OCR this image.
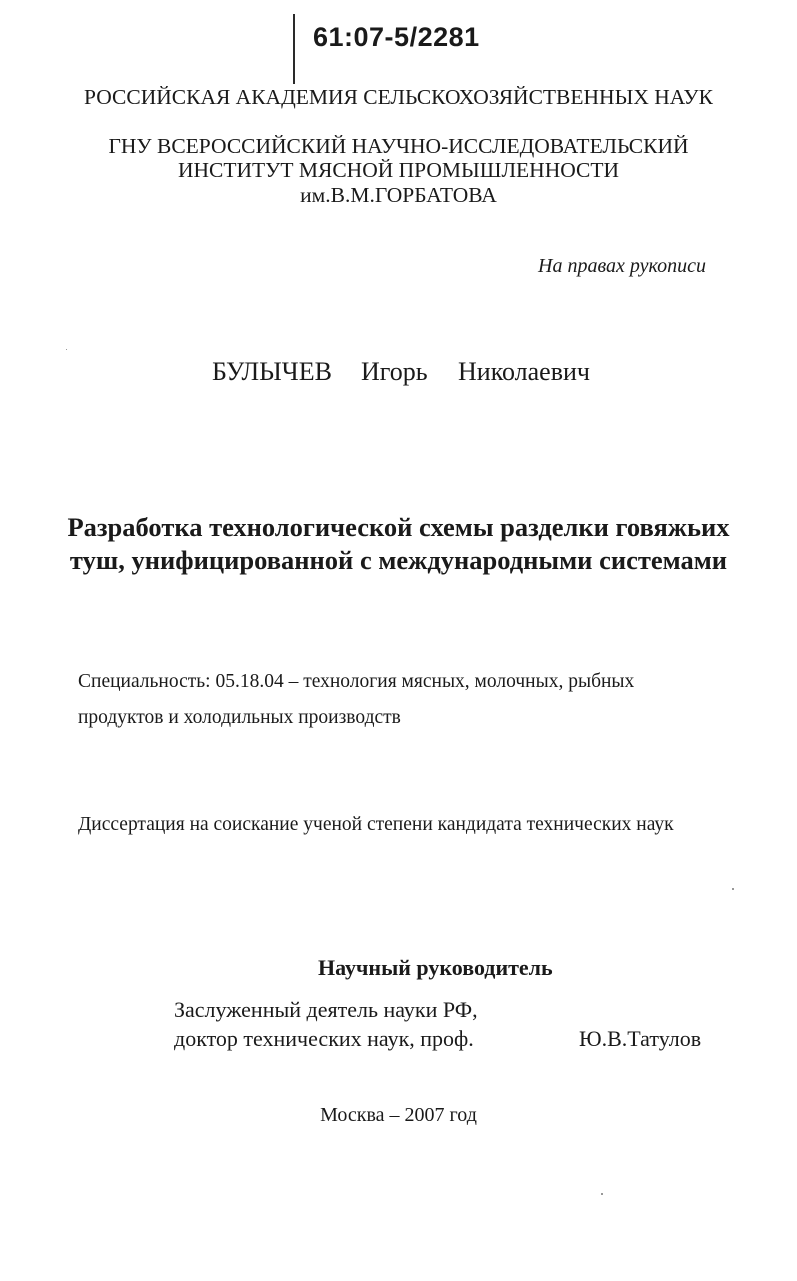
61:07-5/2281
РОССИЙСКАЯ АКАДЕМИЯ СЕЛЬСКОХОЗЯЙСТВЕННЫХ НАУК
ГНУ ВСЕРОССИЙСКИЙ НАУЧНО-ИССЛЕДОВАТЕЛЬСКИЙ
ИНСТИТУТ МЯСНОЙ ПРОМЫШЛЕННОСТИ
им.В.М.ГОРБАТОВА
На правах рукописи
БУЛЫЧЕВ Игорь Николаевич
Разработка технологической схемы разделки говяжьих
туш, унифицированной с международными системами
Специальность: 05.18.04 – технология мясных, молочных, рыбных
продуктов и холодильных производств
Диссертация на соискание ученой степени кандидата технических наук
Научный руководитель
Заслуженный деятель науки РФ,
доктор технических наук, проф.	Ю.В.Татулов
Москва – 2007 год
